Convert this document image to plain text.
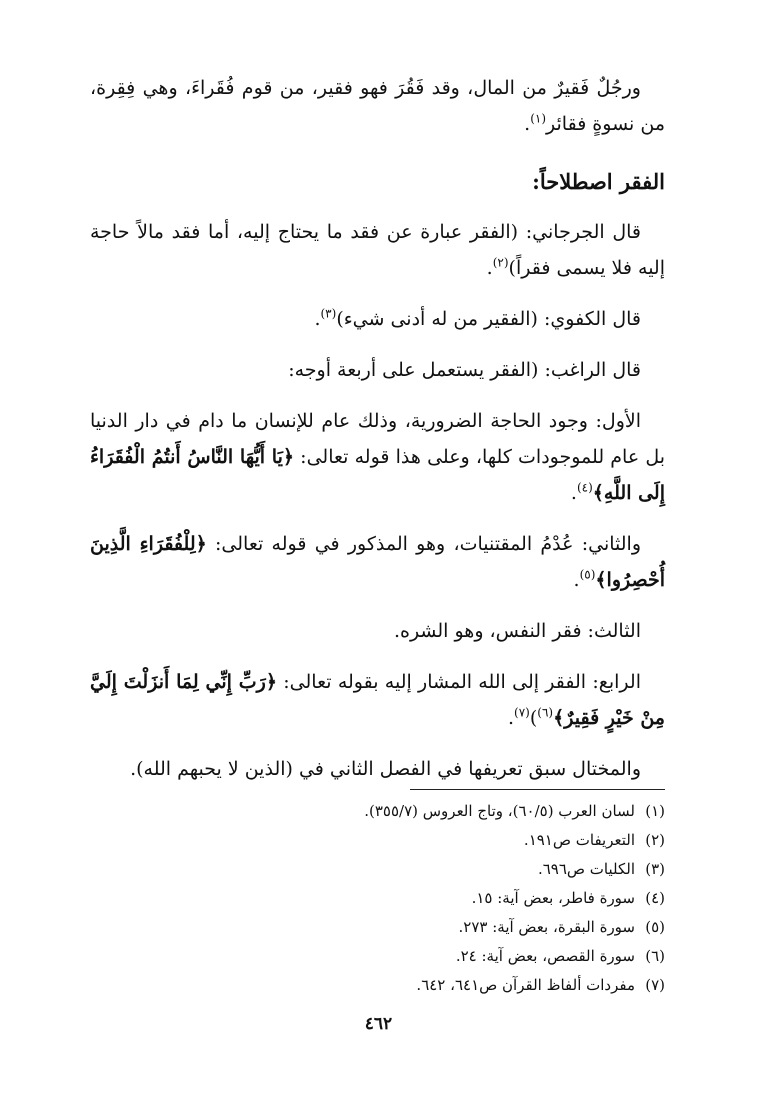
ورجُلٌ فَقيرٌ من المال، وقد فَقُرَ فهو فقير، من قوم فُقَراءَ، وهي فِقِرة، من نسوةٍ فقائر$^{(١)}$.

الفقر اصطلاحاً:

قال الجرجاني: (الفقر عبارة عن فقد ما يحتاج إليه، أما فقد مالاً حاجة إليه فلا يسمى فقراً)$^{(٢)}$.

قال الكفوي: (الفقير من له أدنى شيء)$^{(٣)}$.

قال الراغب: (الفقر يستعمل على أربعة أوجه:

الأول: وجود الحاجة الضرورية، وذلك عام للإنسان ما دام في دار الدنيا بل عام للموجودات كلها، وعلى هذا قوله تعالى: ﴿يَا أَيُّهَا النَّاسُ أَنتُمُ الْفُقَرَاءُ إِلَى اللَّهِ﴾$^{(٤)}$.

والثاني: عُدْمُ المقتنيات، وهو المذكور في قوله تعالى: ﴿لِلْفُقَرَاءِ الَّذِينَ أُحْصِرُوا﴾$^{(٥)}$.

الثالث: فقر النفس، وهو الشره.

الرابع: الفقر إلى الله المشار إليه بقوله تعالى: ﴿رَبِّ إِنِّي لِمَا أَنزَلْتَ إِلَيَّ مِنْ خَيْرٍ فَقِيرٌ﴾$^{(٦)}$)$^{(٧)}$.

والمختال سبق تعريفها في الفصل الثاني في (الذين لا يحبهم الله).

(١)لسان العرب (٦٠/٥)، وتاج العروس (٣٥٥/٧).
(٢)التعريفات ص١٩١.
(٣)الكليات ص٦٩٦.
(٤)سورة فاطر، بعض آية: ١٥.
(٥)سورة البقرة، بعض آية: ٢٧٣.
(٦)سورة القصص، بعض آية: ٢٤.
(٧)مفردات ألفاظ القرآن ص٦٤١، ٦٤٢.
٤٦٢
